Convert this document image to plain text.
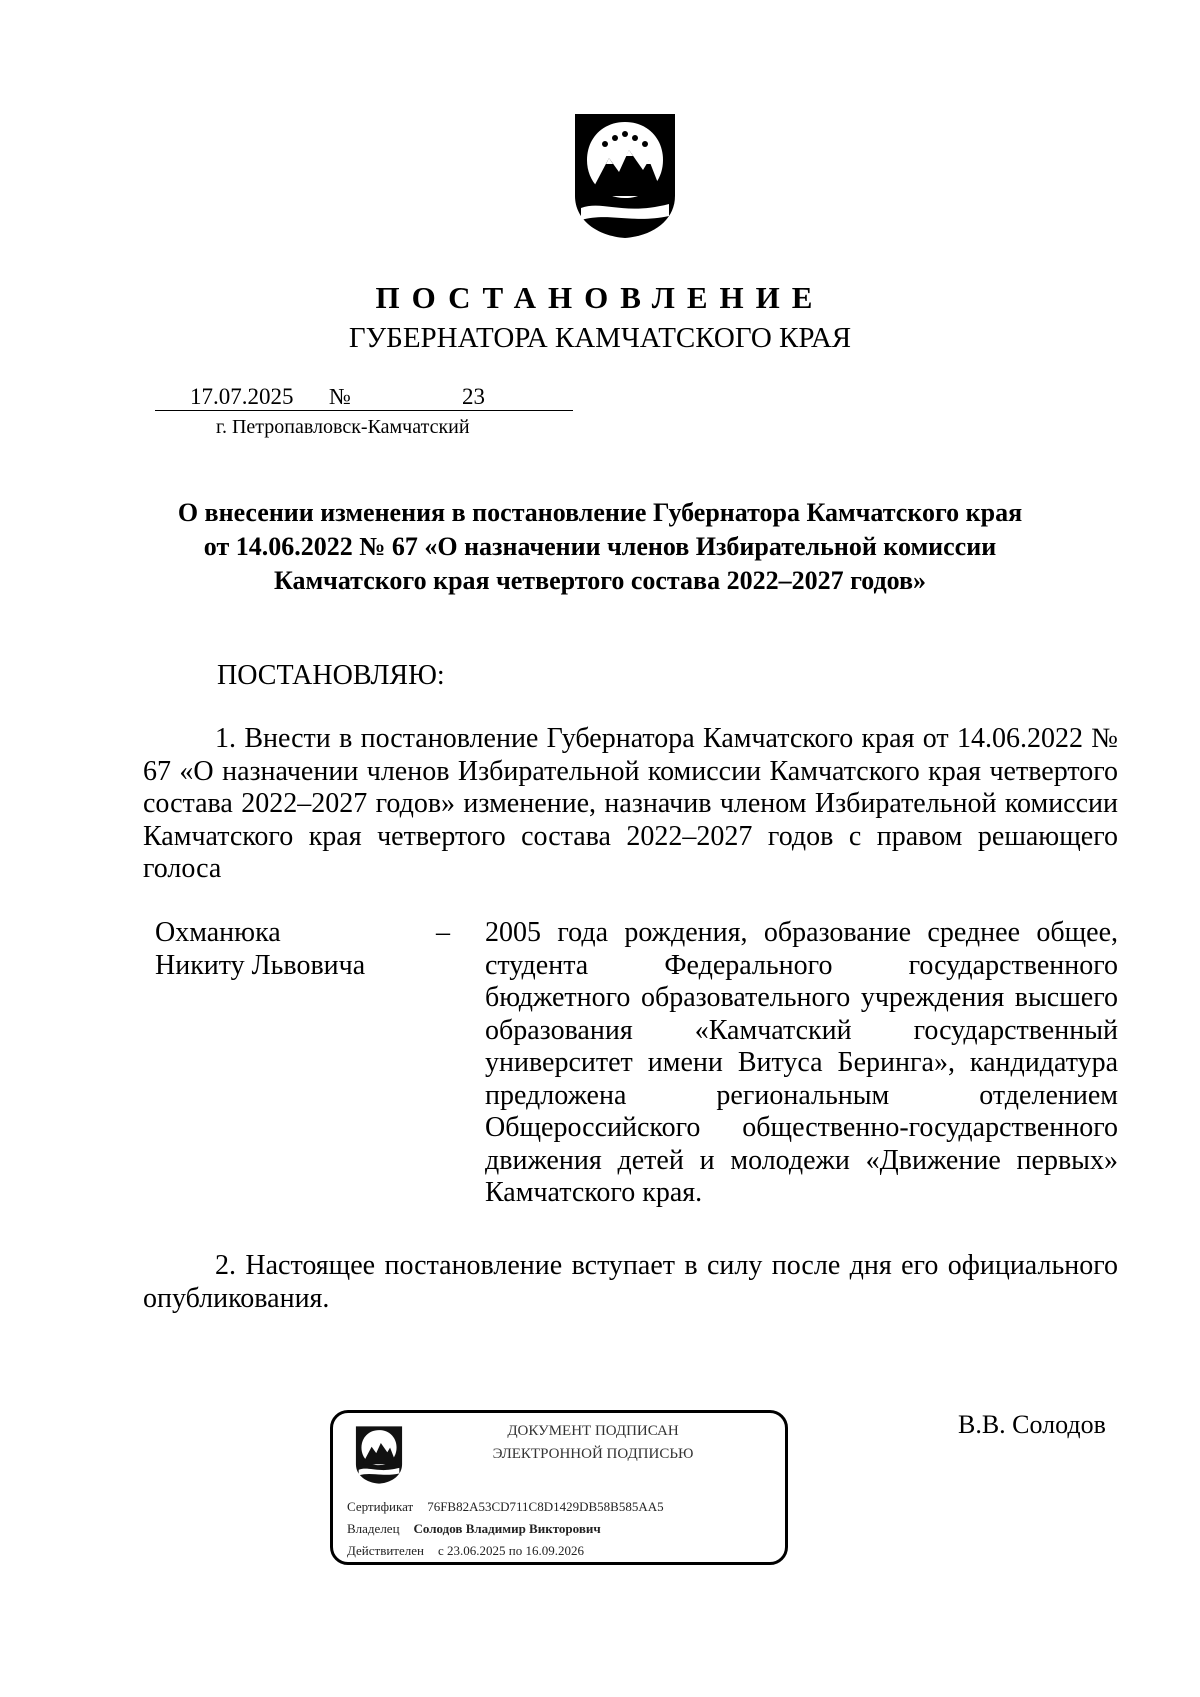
ПОСТАНОВЛЕНИЕ
ГУБЕРНАТОРА КАМЧАТСКОГО КРАЯ
17.07.2025 №	23
г. Петропавловск-Камчатский
О внесении изменения в постановление Губернатора Камчатского края
от 14.06.2022 № 67 «О назначении членов Избирательной комиссии
Камчатского края четвертого состава 2022–2027 годов»
ПОСТАНОВЛЯЮ:
1. Внести в постановление Губернатора Камчатского края от 14.06.2022 № 67 «О назначении членов Избирательной комиссии Камчатского края четвертого состава 2022–2027 годов» изменение, назначив членом Избирательной комиссии Камчатского края четвертого состава 2022–2027 годов с правом решающего голоса
Охманюка
Никиту Львовича
– 2005 года рождения, образование среднее общее, студента Федерального государственного бюджетного образовательного учреждения высшего образования «Камчатский государственный университет имени Витуса Беринга», кандидатура предложена региональным отделением Общероссийского общественно-государственного движения детей и молодежи «Движение первых» Камчатского края.
2. Настоящее постановление вступает в силу после дня его официального опубликования.
ДОКУМЕНТ ПОДПИСАН
ЭЛЕКТРОННОЙ ПОДПИСЬЮ
Сертификат 76FB82A53CD711C8D1429DB58B585AA5
Владелец Солодов Владимир Викторович
Действителен с 23.06.2025 по 16.09.2026
В.В. Солодов
